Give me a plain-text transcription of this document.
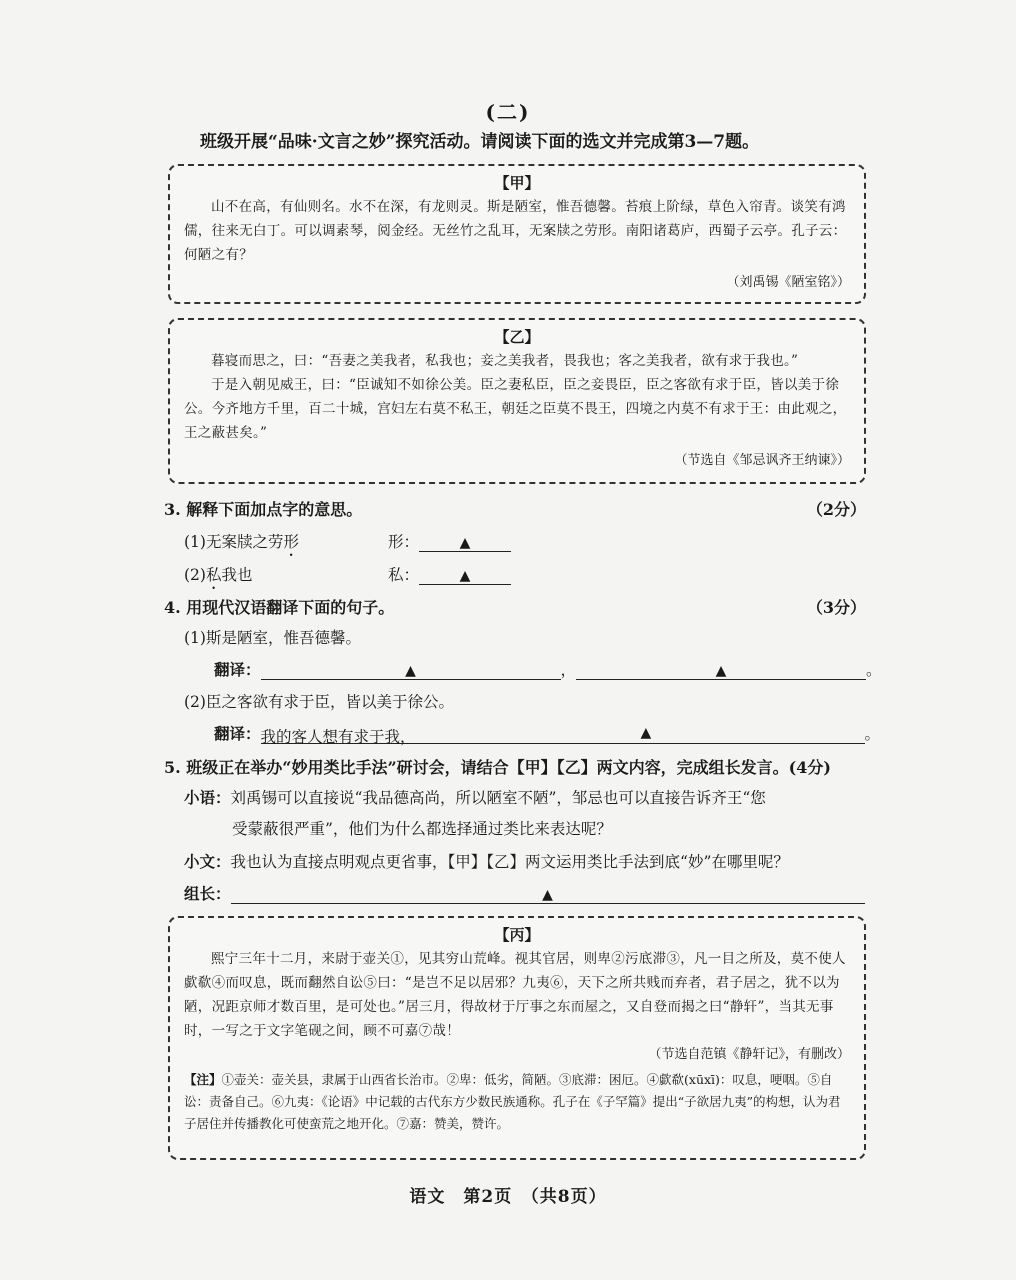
(二)
班级开展“品味·文言之妙”探究活动。请阅读下面的选文并完成第3—7题。
【甲】

山不在高，有仙则名。水不在深，有龙则灵。斯是陋室，惟吾德馨。苔痕上阶绿，草色入帘青。谈笑有鸿儒，往来无白丁。可以调素琴，阅金经。无丝竹之乱耳，无案牍之劳形。南阳诸葛庐，西蜀子云亭。孔子云：何陋之有？

（刘禹锡《陋室铭》）
【乙】

暮寝而思之，曰：“吾妻之美我者，私我也；妾之美我者，畏我也；客之美我者，欲有求于我也。”

于是入朝见威王，曰：“臣诚知不如徐公美。臣之妻私臣，臣之妾畏臣，臣之客欲有求于臣，皆以美于徐公。今齐地方千里，百二十城，宫妇左右莫不私王，朝廷之臣莫不畏王，四境之内莫不有求于王：由此观之，王之蔽甚矣。”

（节选自《邹忌讽齐王纳谏》）
3. 解释下面加点字的意思。	（2分）
(1)无案牍之劳形	形：	▲
(2)私我也	私：	▲
4. 用现代汉语翻译下面的句子。	（3分）
(1)斯是陋室，惟吾德馨。
翻译：	▲	，	▲	。
(2)臣之客欲有求于臣，皆以美于徐公。
翻译：我的客人想有求于我，	▲	。
5. 班级正在举办“妙用类比手法”研讨会，请结合【甲】【乙】两文内容，完成组长发言。(4分)
小语：刘禹锡可以直接说“我品德高尚，所以陋室不陋”，邹忌也可以直接告诉齐王“您
受蒙蔽很严重”，他们为什么都选择通过类比来表达呢？
小文：我也认为直接点明观点更省事，【甲】【乙】两文运用类比手法到底“妙”在哪里呢？
组长：	▲
【丙】

熙宁三年十二月，来尉于壶关①，见其穷山荒峰。视其官居，则卑②污底滞③，凡一目之所及，莫不使人歔欷④而叹息，既而翻然自讼⑤曰：“是岂不足以居邪？九夷⑥，天下之所共贱而弃者，君子居之，犹不以为陋，况距京师才数百里，是可处也。”居三月，得故材于厅事之东而屋之，又自登而揭之曰“静轩”，当其无事时，一写之于文字笔砚之间，顾不可嘉⑦哉！

（节选自范镇《静轩记》，有删改）
【注】①壶关：壶关县，隶属于山西省长治市。②卑：低劣，简陋。③底滞：困厄。④歔欷(xūxī)：叹息，哽咽。⑤自讼：责备自己。⑥九夷：《论语》中记载的古代东方少数民族通称。孔子在《子罕篇》提出“子欲居九夷”的构想，认为君子居住并传播教化可使蛮荒之地开化。⑦嘉：赞美，赞许。
语文　第2页　（共8页）
